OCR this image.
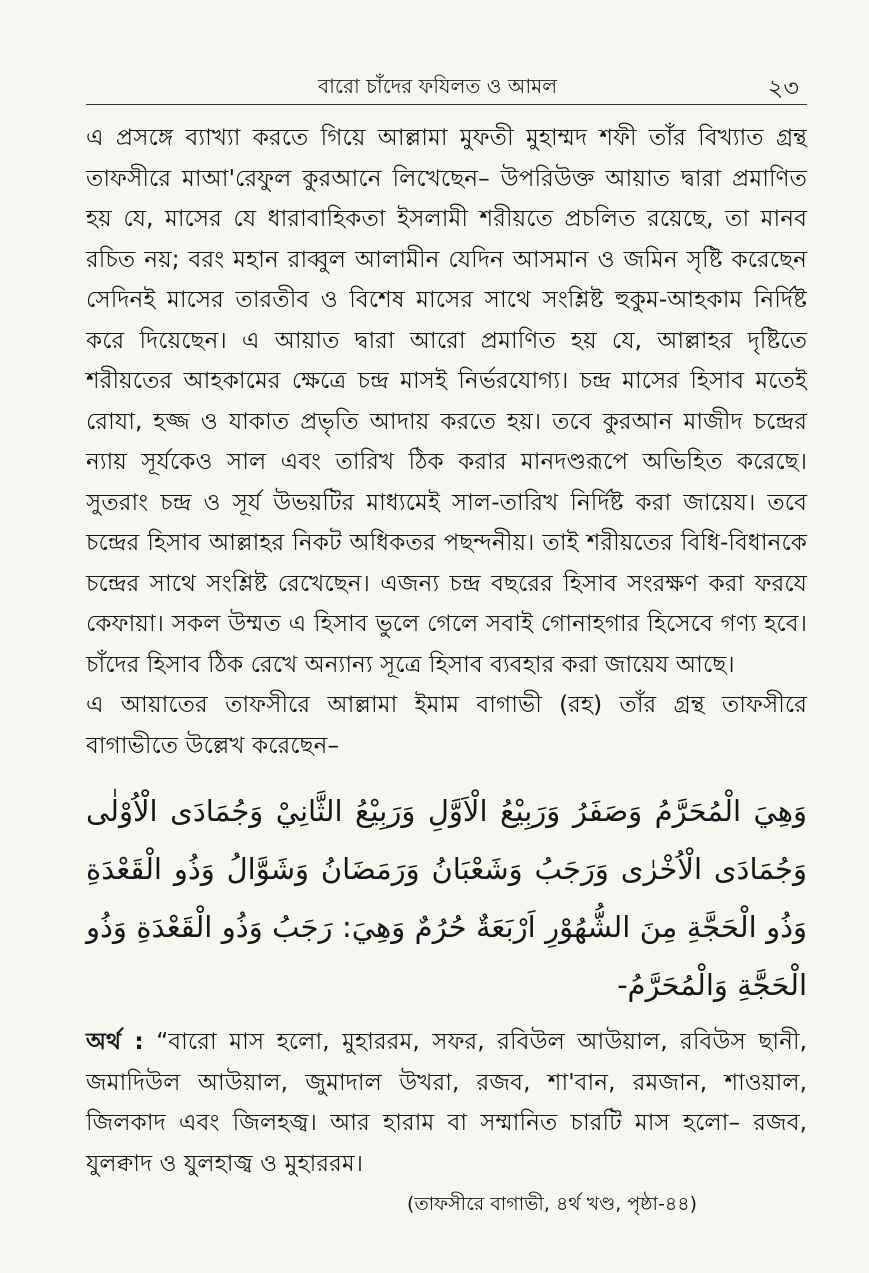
বারো চাঁদের ফযিলত ও আমল	২৩

এ প্রসঙ্গে ব্যাখ্যা করতে গিয়ে আল্লামা মুফতী মুহাম্মদ শফী তাঁর বিখ্যাত গ্রন্থ তাফসীরে মাআ'রেফুল কুরআনে লিখেছেন– উপরিউক্ত আয়াত দ্বারা প্রমাণিত হয় যে, মাসের যে ধারাবাহিকতা ইসলামী শরীয়তে প্রচলিত রয়েছে, তা মানব রচিত নয়; বরং মহান রাব্বুল আলামীন যেদিন আসমান ও জমিন সৃষ্টি করেছেন সেদিনই মাসের তারতীব ও বিশেষ মাসের সাথে সংশ্লিষ্ট হুকুম-আহকাম নির্দিষ্ট করে দিয়েছেন। এ আয়াত দ্বারা আরো প্রমাণিত হয় যে, আল্লাহর দৃষ্টিতে শরীয়তের আহকামের ক্ষেত্রে চন্দ্র মাসই নির্ভরযোগ্য। চন্দ্র মাসের হিসাব মতেই রোযা, হজ্জ ও যাকাত প্রভৃতি আদায় করতে হয়। তবে কুরআন মাজীদ চন্দ্রের ন্যায় সূর্যকেও সাল এবং তারিখ ঠিক করার মানদণ্ডরূপে অভিহিত করেছে। সুতরাং চন্দ্র ও সূর্য উভয়টির মাধ্যমেই সাল-তারিখ নির্দিষ্ট করা জায়েয। তবে চন্দ্রের হিসাব আল্লাহর নিকট অধিকতর পছন্দনীয়। তাই শরীয়তের বিধি-বিধানকে চন্দ্রের সাথে সংশ্লিষ্ট রেখেছেন। এজন্য চন্দ্র বছরের হিসাব সংরক্ষণ করা ফরযে কেফায়া। সকল উম্মত এ হিসাব ভুলে গেলে সবাই গোনাহগার হিসেবে গণ্য হবে। চাঁদের হিসাব ঠিক রেখে অন্যান্য সূত্রে হিসাব ব্যবহার করা জায়েয আছে।

এ আয়াতের তাফসীরে আল্লামা ইমাম বাগাভী (রহ) তাঁর গ্রন্থ তাফসীরে বাগাভীতে উল্লেখ করেছেন–

وَهِيَ الْمُحَرَّمُ وَصَفَرُ وَرَبِيْعُ الْاَوَّلِ وَرَبِيْعُ الثَّانِيْ وَجُمَادَى الْاُوْلٰى وَجُمَادَى الْاُخْرٰى وَرَجَبُ وَشَعْبَانُ وَرَمَضَانُ وَشَوَّالُ وَذُو الْقَعْدَةِ وَذُو الْحَجَّةِ مِنَ الشُّهُوْرِ اَرْبَعَةٌ حُرُمٌ وَهِيَ: رَجَبُ وَذُو الْقَعْدَةِ وَذُو الْحَجَّةِ وَالْمُحَرَّمُ-

অর্থ : “বারো মাস হলো, মুহাররম, সফর, রবিউল আউয়াল, রবিউস ছানী, জমাদিউল আউয়াল, জুমাদাল উখরা, রজব, শা'বান, রমজান, শাওয়াল, জিলকাদ এবং জিলহজ্ব। আর হারাম বা সম্মানিত চারটি মাস হলো– রজব, যুলক্বাদ ও যুলহাজ্ব ও মুহাররম।

(তাফসীরে বাগাভী, ৪র্থ খণ্ড, পৃষ্ঠা-৪৪)
